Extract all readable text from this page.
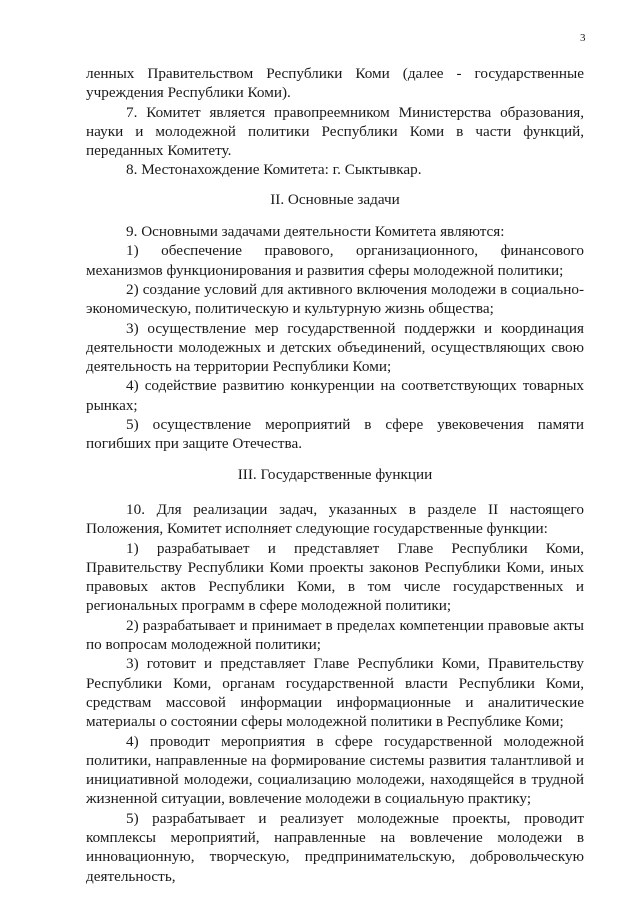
3

ленных Правительством Республики Коми (далее - государственные учреждения Республики Коми).

7. Комитет является правопреемником Министерства образования, науки и молодежной политики Республики Коми в части функций, переданных Комитету.

8. Местонахождение Комитета: г. Сыктывкар.

II. Основные задачи

9. Основными задачами деятельности Комитета являются:

1) обеспечение правового, организационного, финансового механизмов функционирования и развития сферы молодежной политики;

2) создание условий для активного включения молодежи в социально-экономическую, политическую и культурную жизнь общества;

3) осуществление мер государственной поддержки и координация деятельности молодежных и детских объединений, осуществляющих свою деятельность на территории Республики Коми;

4) содействие развитию конкуренции на соответствующих товарных рынках;

5) осуществление мероприятий в сфере увековечения памяти погибших при защите Отечества.

III. Государственные функции

10. Для реализации задач, указанных в разделе II настоящего Положения, Комитет исполняет следующие государственные функции:

1) разрабатывает и представляет Главе Республики Коми, Правительству Республики Коми проекты законов Республики Коми, иных правовых актов Республики Коми, в том числе государственных и региональных программ в сфере молодежной политики;

2) разрабатывает и принимает в пределах компетенции правовые акты по вопросам молодежной политики;

3) готовит и представляет Главе Республики Коми, Правительству Республики Коми, органам государственной власти Республики Коми, средствам массовой информации информационные и аналитические материалы о состоянии сферы молодежной политики в Республике Коми;

4) проводит мероприятия в сфере государственной молодежной политики, направленные на формирование системы развития талантливой и инициативной молодежи, социализацию молодежи, находящейся в трудной жизненной ситуации, вовлечение молодежи в социальную практику;

5) разрабатывает и реализует молодежные проекты, проводит комплексы мероприятий, направленные на вовлечение молодежи в инновационную, творческую, предпринимательскую, добровольческую деятельность,
